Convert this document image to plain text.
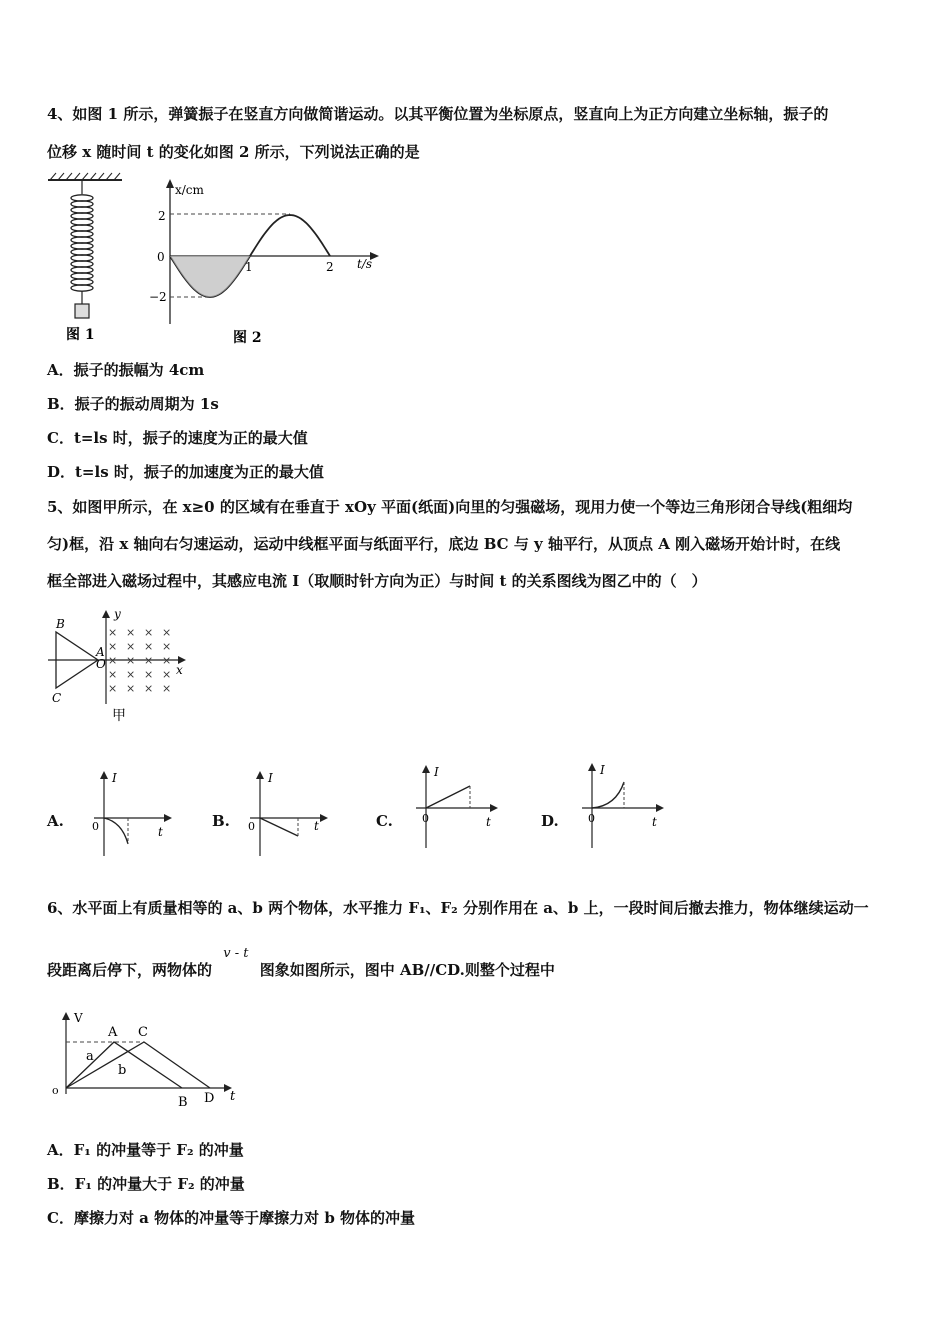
4、如图 1 所示，弹簧振子在竖直方向做简谐运动。以其平衡位置为坐标原点，竖直向上为正方向建立坐标轴，振子的
位移 x 随时间 t 的变化如图 2 所示，下列说法正确的是
图 1
x/cm
t/s
2
0
−2
1	2
图 2
A．振子的振幅为 4cm
B．振子的振动周期为 1s
C．t=ls 时，振子的速度为正的最大值
D．t=ls 时，振子的加速度为正的最大值
5、如图甲所示，在 x≥0 的区域有在垂直于 xOy 平面(纸面)向里的匀强磁场，现用力使一个等边三角形闭合导线(粗细均
匀)框，沿 x 轴向右匀速运动，运动中线框平面与纸面平行，底边 BC 与 y 轴平行，从顶点 A 刚入磁场开始计时，在线
框全部进入磁场过程中，其感应电流 I（取顺时针方向为正）与时间 t 的关系图线为图乙中的（　）
B
C
A
O	x
y
× × × ×
× × × ×
× × × ×
× × × ×
× × × ×
甲
A.
I
t
0	B.
I
t
0	C.
I
t
0	D.
I
t
0
6、水平面上有质量相等的 a、b 两个物体，水平推力 F₁、F₂ 分别作用在 a、b 上，一段时间后撤去推力，物体继续运动一
段距离后停下，两物体的 v - t 图象如图所示，图中 AB//CD.则整个过程中
V
t
o
A C
a
b
B D
A．F₁ 的冲量等于 F₂ 的冲量
B．F₁ 的冲量大于 F₂ 的冲量
C．摩擦力对 a 物体的冲量等于摩擦力对 b 物体的冲量
